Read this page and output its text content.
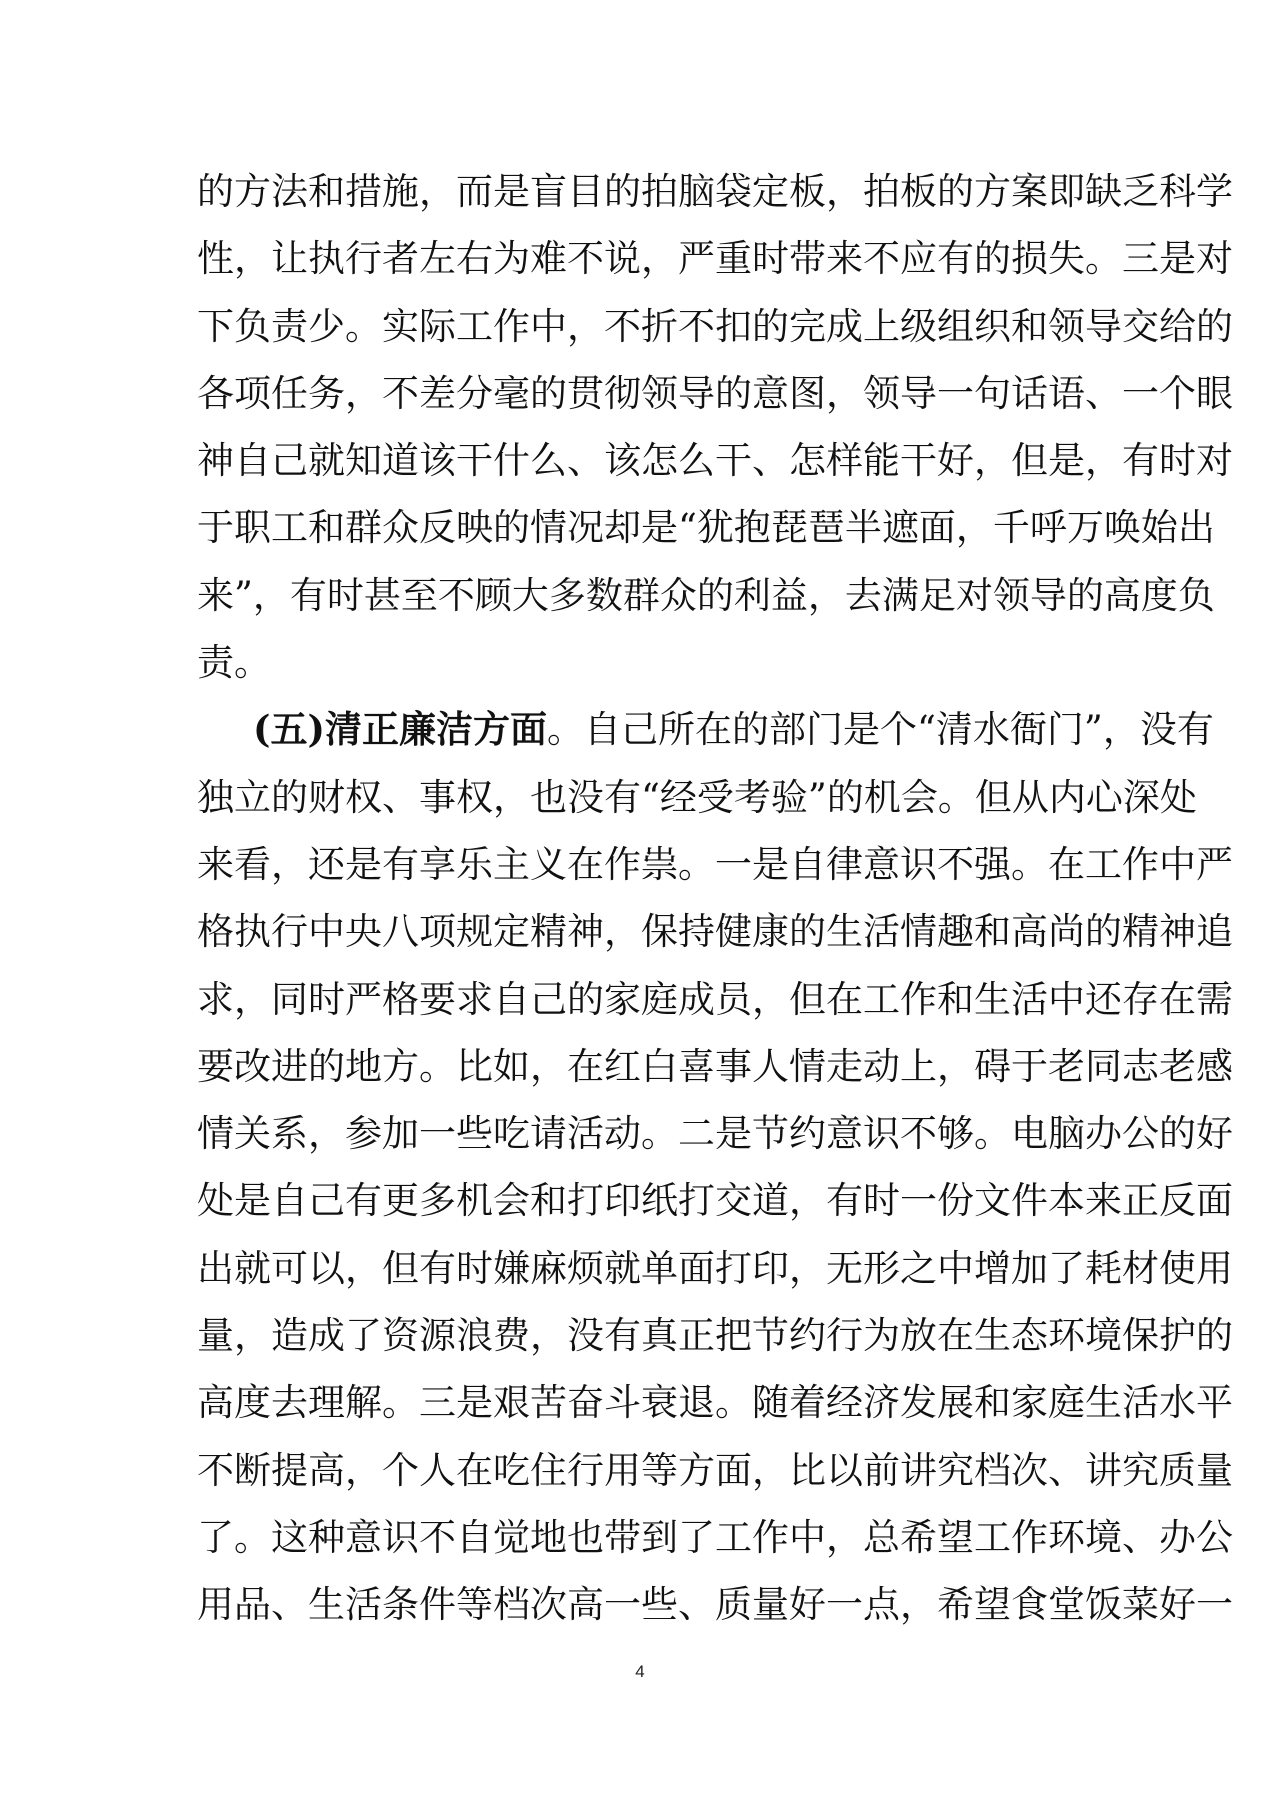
的方法和措施，而是盲目的拍脑袋定板，拍板的方案即缺乏科学
性，让执行者左右为难不说，严重时带来不应有的损失。三是对
下负责少。实际工作中，不折不扣的完成上级组织和领导交给的
各项任务，不差分毫的贯彻领导的意图，领导一句话语、一个眼
神自己就知道该干什么、该怎么干、怎样能干好，但是，有时对
于职工和群众反映的情况却是“犹抱琵琶半遮面，千呼万唤始出
来”，有时甚至不顾大多数群众的利益，去满足对领导的高度负
责。
(五)清正廉洁方面。自己所在的部门是个“清水衙门”，没有
独立的财权、事权，也没有“经受考验”的机会。但从内心深处
来看，还是有享乐主义在作祟。一是自律意识不强。在工作中严
格执行中央八项规定精神，保持健康的生活情趣和高尚的精神追
求，同时严格要求自己的家庭成员，但在工作和生活中还存在需
要改进的地方。比如，在红白喜事人情走动上，碍于老同志老感
情关系，参加一些吃请活动。二是节约意识不够。电脑办公的好
处是自己有更多机会和打印纸打交道，有时一份文件本来正反面
出就可以，但有时嫌麻烦就单面打印，无形之中增加了耗材使用
量，造成了资源浪费，没有真正把节约行为放在生态环境保护的
高度去理解。三是艰苦奋斗衰退。随着经济发展和家庭生活水平
不断提高，个人在吃住行用等方面，比以前讲究档次、讲究质量
了。这种意识不自觉地也带到了工作中，总希望工作环境、办公
用品、生活条件等档次高一些、质量好一点，希望食堂饭菜好一
4
